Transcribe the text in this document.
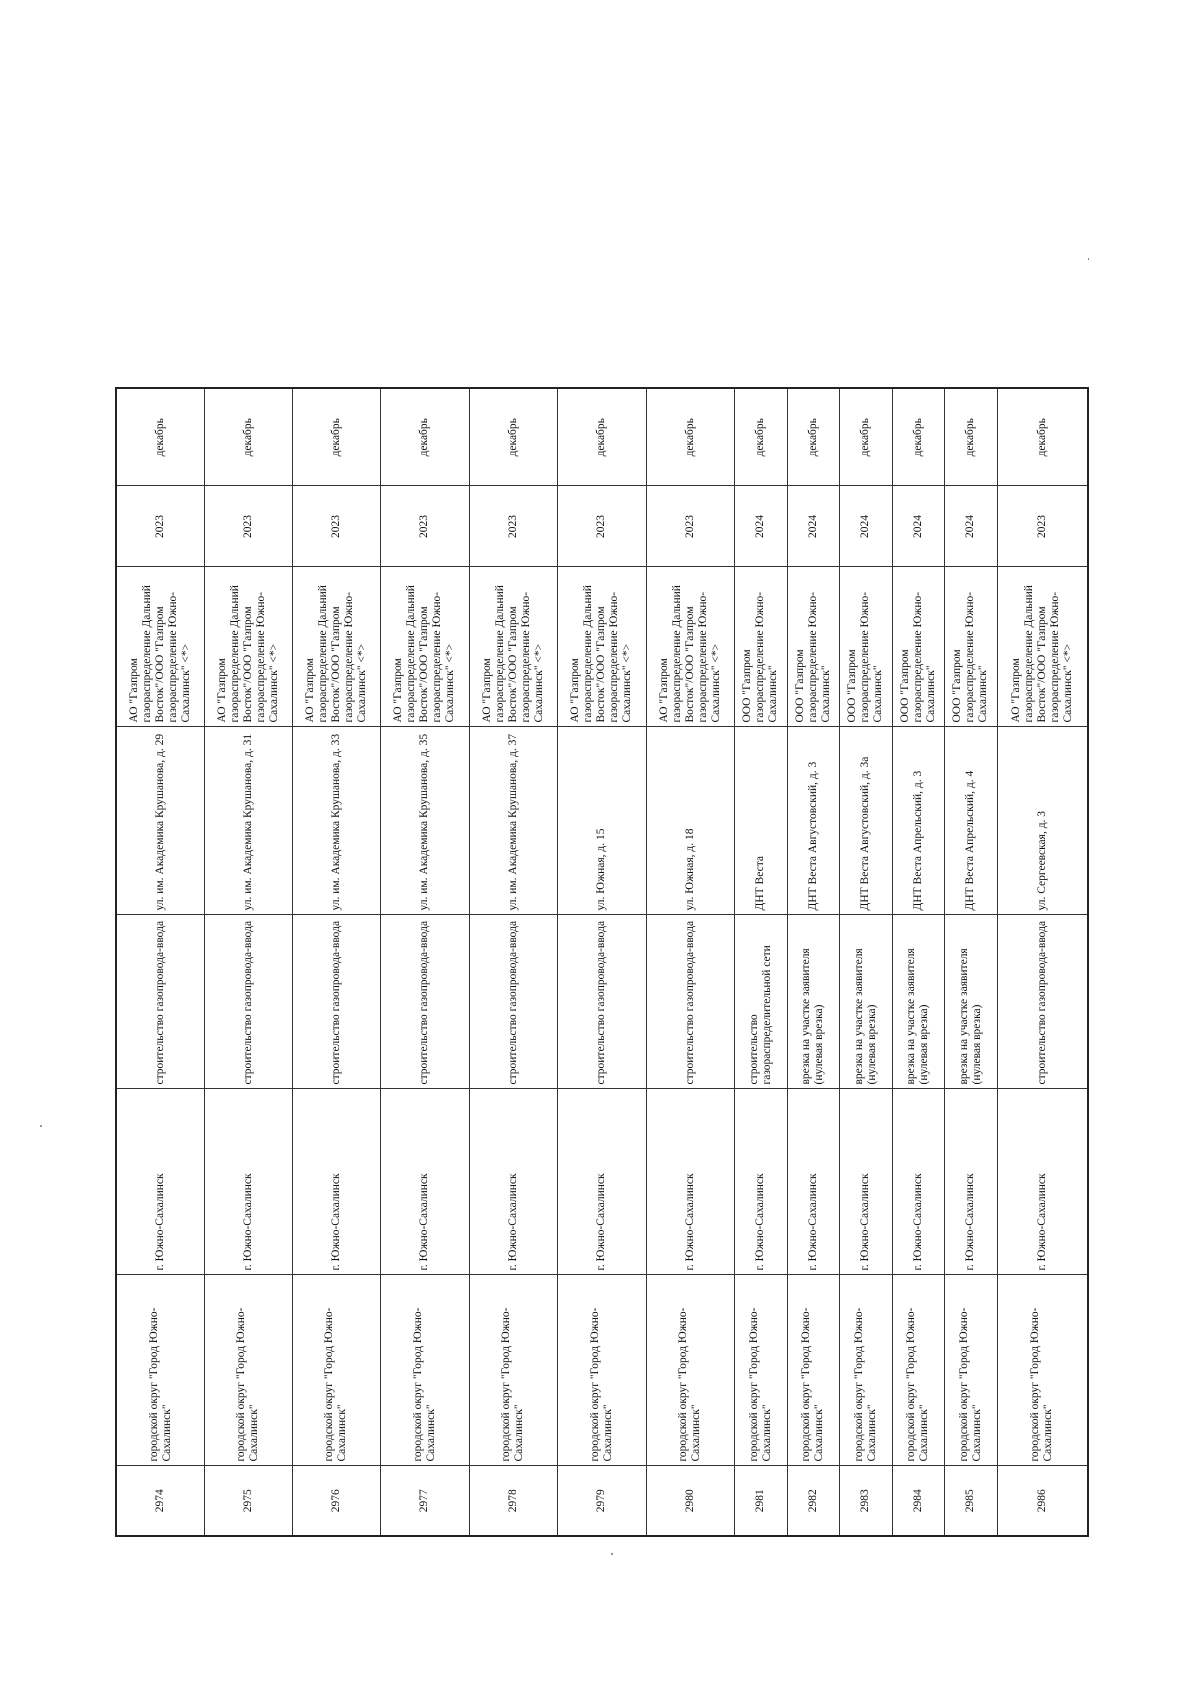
2974	городской округ "Город Южно-Сахалинск"	г. Южно-Сахалинск	строительство газопровода-ввода	ул. им. Академика Крушанова, д. 29	АО "Газпром газораспределение Дальний Восток"/ООО "Газпром газораспределение Южно-Сахалинск" <*>	2023	декабрь
2975	городской округ "Город Южно-Сахалинск"	г. Южно-Сахалинск	строительство газопровода-ввода	ул. им. Академика Крушанова, д. 31	АО "Газпром газораспределение Дальний Восток"/ООО "Газпром газораспределение Южно-Сахалинск" <*>	2023	декабрь
2976	городской округ "Город Южно-Сахалинск"	г. Южно-Сахалинск	строительство газопровода-ввода	ул. им. Академика Крушанова, д. 33	АО "Газпром газораспределение Дальний Восток"/ООО "Газпром газораспределение Южно-Сахалинск" <*>	2023	декабрь
2977	городской округ "Город Южно-Сахалинск"	г. Южно-Сахалинск	строительство газопровода-ввода	ул. им. Академика Крушанова, д. 35	АО "Газпром газораспределение Дальний Восток"/ООО "Газпром газораспределение Южно-Сахалинск" <*>	2023	декабрь
2978	городской округ "Город Южно-Сахалинск"	г. Южно-Сахалинск	строительство газопровода-ввода	ул. им. Академика Крушанова, д. 37	АО "Газпром газораспределение Дальний Восток"/ООО "Газпром газораспределение Южно-Сахалинск" <*>	2023	декабрь
2979	городской округ "Город Южно-Сахалинск"	г. Южно-Сахалинск	строительство газопровода-ввода	ул. Южная, д. 15	АО "Газпром газораспределение Дальний Восток"/ООО "Газпром газораспределение Южно-Сахалинск" <*>	2023	декабрь
2980	городской округ "Город Южно-Сахалинск"	г. Южно-Сахалинск	строительство газопровода-ввода	ул. Южная, д. 18	АО "Газпром газораспределение Дальний Восток"/ООО "Газпром газораспределение Южно-Сахалинск" <*>	2023	декабрь
2981	городской округ "Город Южно-Сахалинск"	г. Южно-Сахалинск	строительство газораспределительной сети	ДНТ Веста	ООО "Газпром газораспределение Южно-Сахалинск"	2024	декабрь
2982	городской округ "Город Южно-Сахалинск"	г. Южно-Сахалинск	врезка на участке заявителя (нулевая врезка)	ДНТ Веста Августовский, д. 3	ООО "Газпром газораспределение Южно-Сахалинск"	2024	декабрь
2983	городской округ "Город Южно-Сахалинск"	г. Южно-Сахалинск	врезка на участке заявителя (нулевая врезка)	ДНТ Веста Августовский, д. 3а	ООО "Газпром газораспределение Южно-Сахалинск"	2024	декабрь
2984	городской округ "Город Южно-Сахалинск"	г. Южно-Сахалинск	врезка на участке заявителя (нулевая врезка)	ДНТ Веста Апрельский, д. 3	ООО "Газпром газораспределение Южно-Сахалинск"	2024	декабрь
2985	городской округ "Город Южно-Сахалинск"	г. Южно-Сахалинск	врезка на участке заявителя (нулевая врезка)	ДНТ Веста Апрельский, д. 4	ООО "Газпром газораспределение Южно-Сахалинск"	2024	декабрь
2986	городской округ "Город Южно-Сахалинск"	г. Южно-Сахалинск	строительство газопровода-ввода	ул. Сергеевская, д. 3	АО "Газпром газораспределение Дальний Восток"/ООО "Газпром газораспределение Южно-Сахалинск" <*>	2023	декабрь
